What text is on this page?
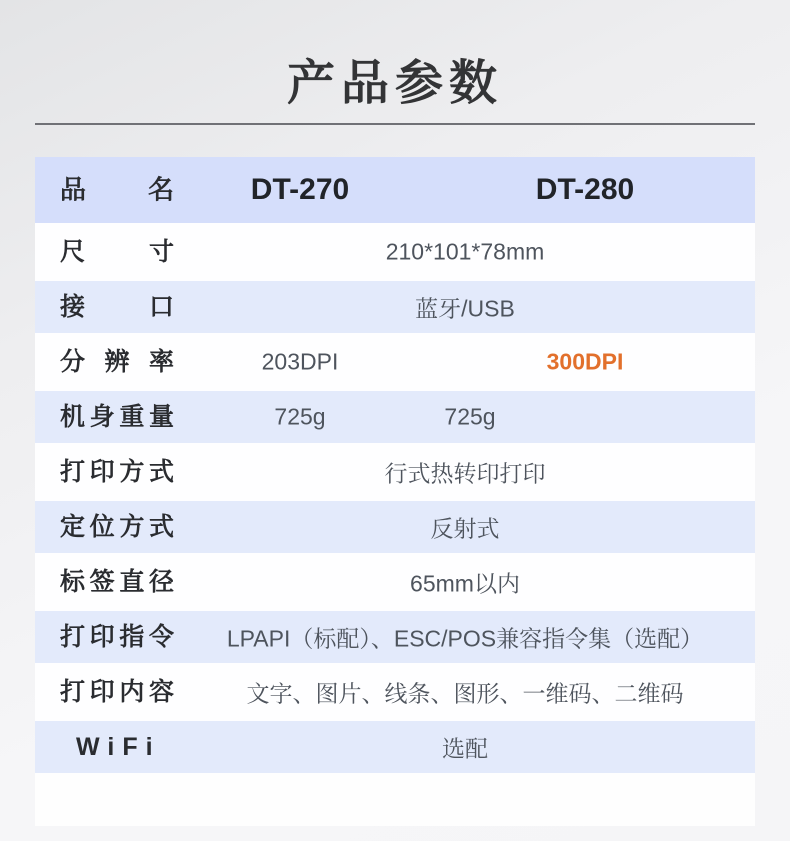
产品参数
品名	DT-270	DT-280
尺寸	210*101*78mm
接口	蓝牙/USB
分辨率	203DPI	300DPI
机身重量	725g	725g
打印方式	行式热转印打印
定位方式	反射式
标签直径	65mm以内
打印指令 LPAPI（标配）、ESC/POS兼容指令集（选配）
打印内容	文字、图片、线条、图形、一维码、二维码
WiFi	选配
